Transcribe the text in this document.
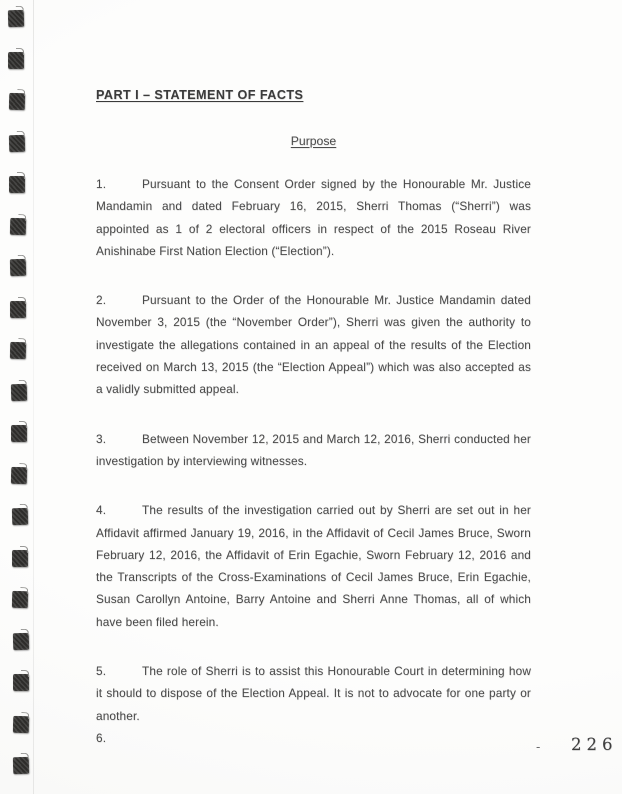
PART I – STATEMENT OF FACTS
Purpose

1.	Pursuant to the Consent Order signed by the Honourable Mr. Justice Mandamin and dated February 16, 2015, Sherri Thomas (“Sherri”) was appointed as 1 of 2 electoral officers in respect of the 2015 Roseau River Anishinabe First Nation Election (“Election”).

2.	Pursuant to the Order of the Honourable Mr. Justice Mandamin dated November 3, 2015 (the “November Order”), Sherri was given the authority to investigate the allegations contained in an appeal of the results of the Election received on March 13, 2015 (the “Election Appeal”) which was also accepted as a validly submitted appeal.

3.	Between November 12, 2015 and March 12, 2016, Sherri conducted her investigation by interviewing witnesses.

4.	The results of the investigation carried out by Sherri are set out in her Affidavit affirmed January 19, 2016, in the Affidavit of Cecil James Bruce, Sworn February 12, 2016, the Affidavit of Erin Egachie, Sworn February 12, 2016 and the Transcripts of the Cross-Examinations of Cecil James Bruce, Erin Egachie, Susan Carollyn Antoine, Barry Antoine and Sherri Anne Thomas, all of which have been filed herein.

5.	The role of Sherri is to assist this Honourable Court in determining how it should to dispose of the Election Appeal. It is not to advocate for one party or another.

6.

- 226
